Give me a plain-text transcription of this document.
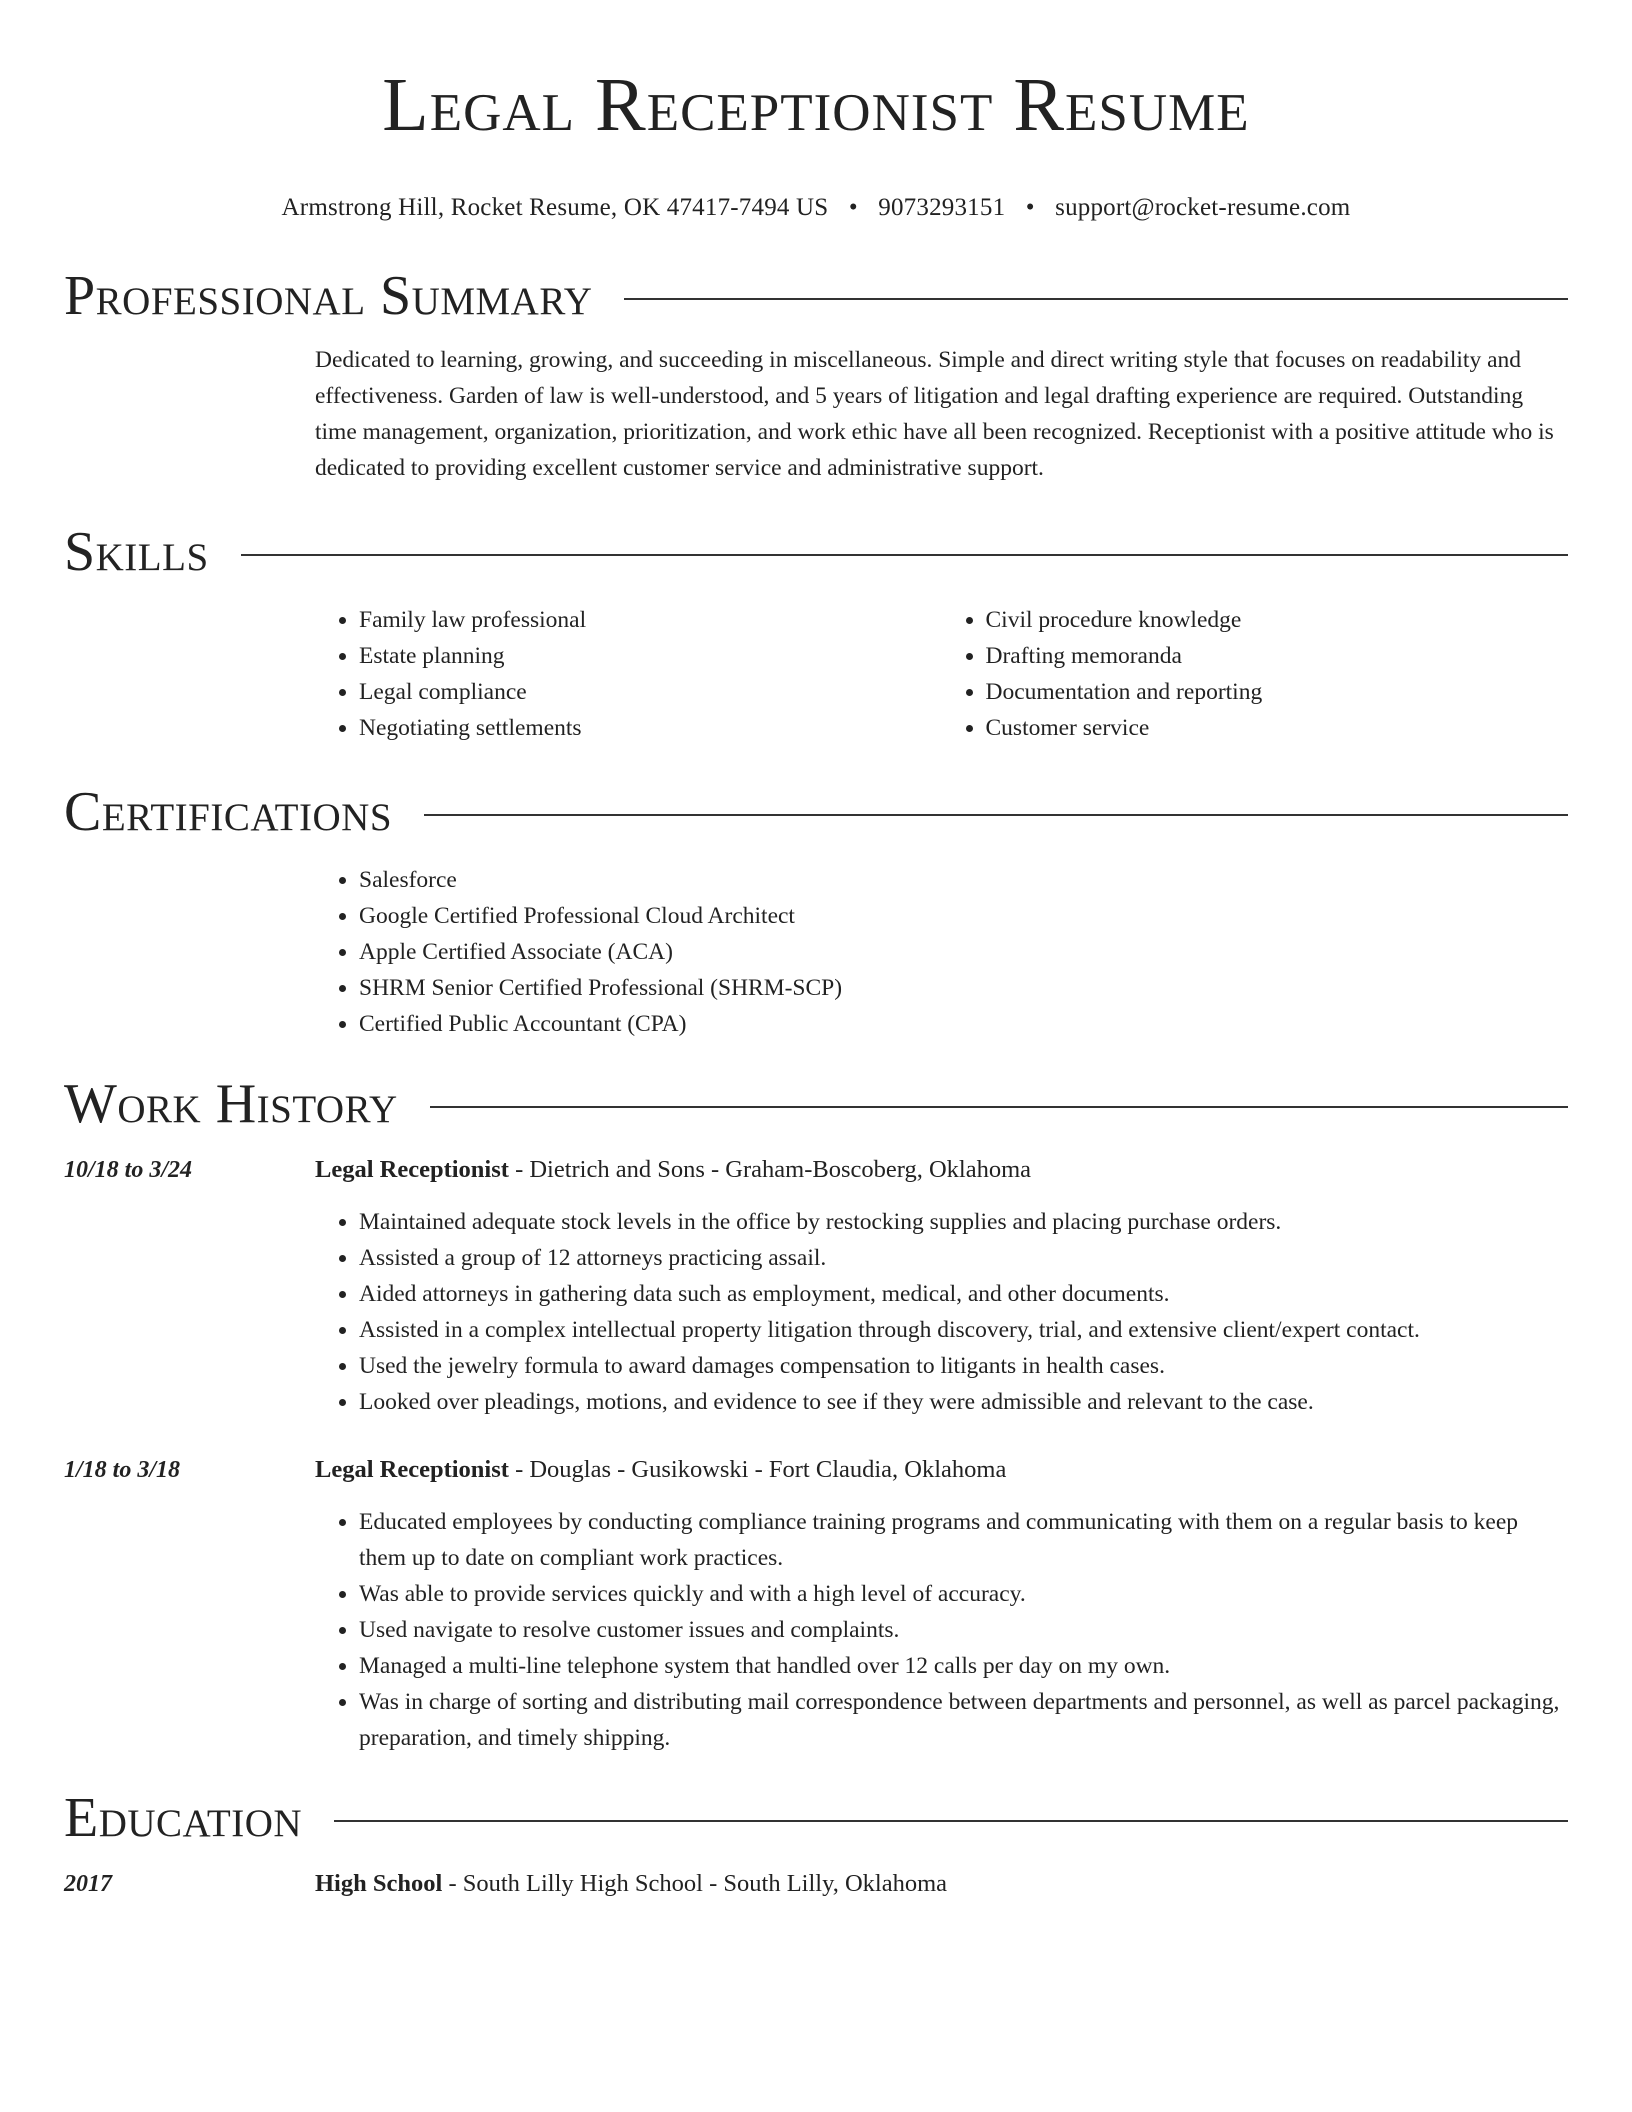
Legal Receptionist Resume
Armstrong Hill, Rocket Resume, OK 47417-7494 US • 9073293151 • support@rocket-resume.com
Professional Summary
Dedicated to learning, growing, and succeeding in miscellaneous. Simple and direct writing style that focuses on readability and effectiveness. Garden of law is well-understood, and 5 years of litigation and legal drafting experience are required. Outstanding time management, organization, prioritization, and work ethic have all been recognized. Receptionist with a positive attitude who is dedicated to providing excellent customer service and administrative support.
Skills
• Family law professional
• Estate planning
• Legal compliance
• Negotiating settlements
• Civil procedure knowledge
• Drafting memoranda
• Documentation and reporting
• Customer service
Certifications
• Salesforce
• Google Certified Professional Cloud Architect
• Apple Certified Associate (ACA)
• SHRM Senior Certified Professional (SHRM-SCP)
• Certified Public Accountant (CPA)
Work History
10/18 to 3/24	Legal Receptionist - Dietrich and Sons - Graham-Boscoberg, Oklahoma
• Maintained adequate stock levels in the office by restocking supplies and placing purchase orders.
• Assisted a group of 12 attorneys practicing assail.
• Aided attorneys in gathering data such as employment, medical, and other documents.
• Assisted in a complex intellectual property litigation through discovery, trial, and extensive client/expert contact.
• Used the jewelry formula to award damages compensation to litigants in health cases.
• Looked over pleadings, motions, and evidence to see if they were admissible and relevant to the case.
1/18 to 3/18	Legal Receptionist - Douglas - Gusikowski - Fort Claudia, Oklahoma
• Educated employees by conducting compliance training programs and communicating with them on a regular basis to keep them up to date on compliant work practices.
• Was able to provide services quickly and with a high level of accuracy.
• Used navigate to resolve customer issues and complaints.
• Managed a multi-line telephone system that handled over 12 calls per day on my own.
• Was in charge of sorting and distributing mail correspondence between departments and personnel, as well as parcel packaging, preparation, and timely shipping.
Education
2017	High School - South Lilly High School - South Lilly, Oklahoma
